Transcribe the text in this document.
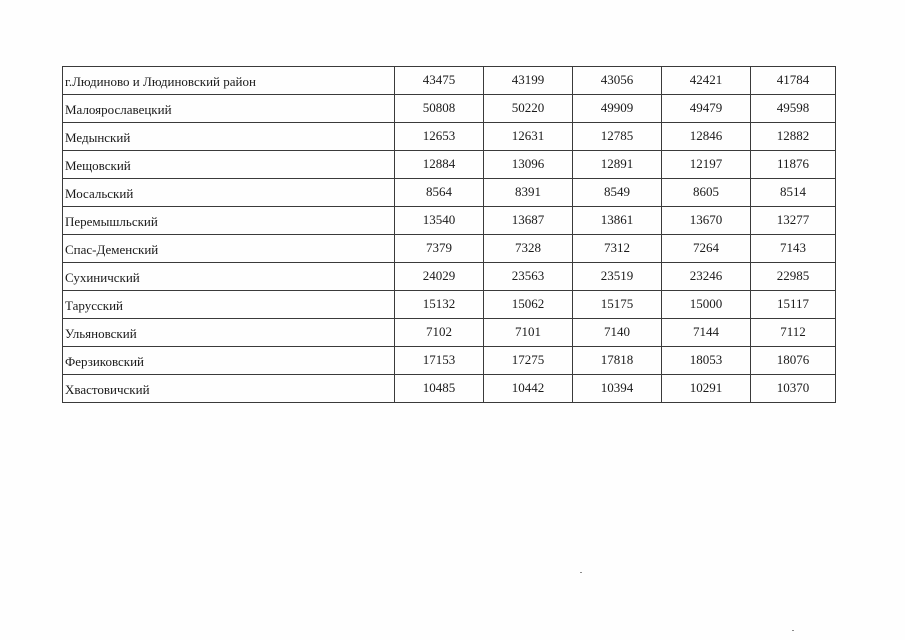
г.Людиново и Людиновский район	43475	43199	43056	42421	41784
Малоярославецкий	50808	50220	49909	49479	49598
Медынский	12653	12631	12785	12846	12882
Мещовский	12884	13096	12891	12197	11876
Мосальский	8564	8391	8549	8605	8514
Перемышльский	13540	13687	13861	13670	13277
Спас-Деменский	7379	7328	7312	7264	7143
Сухиничский	24029	23563	23519	23246	22985
Тарусский	15132	15062	15175	15000	15117
Ульяновский	7102	7101	7140	7144	7112
Ферзиковский	17153	17275	17818	18053	18076
Хвастовичский	10485	10442	10394	10291	10370
